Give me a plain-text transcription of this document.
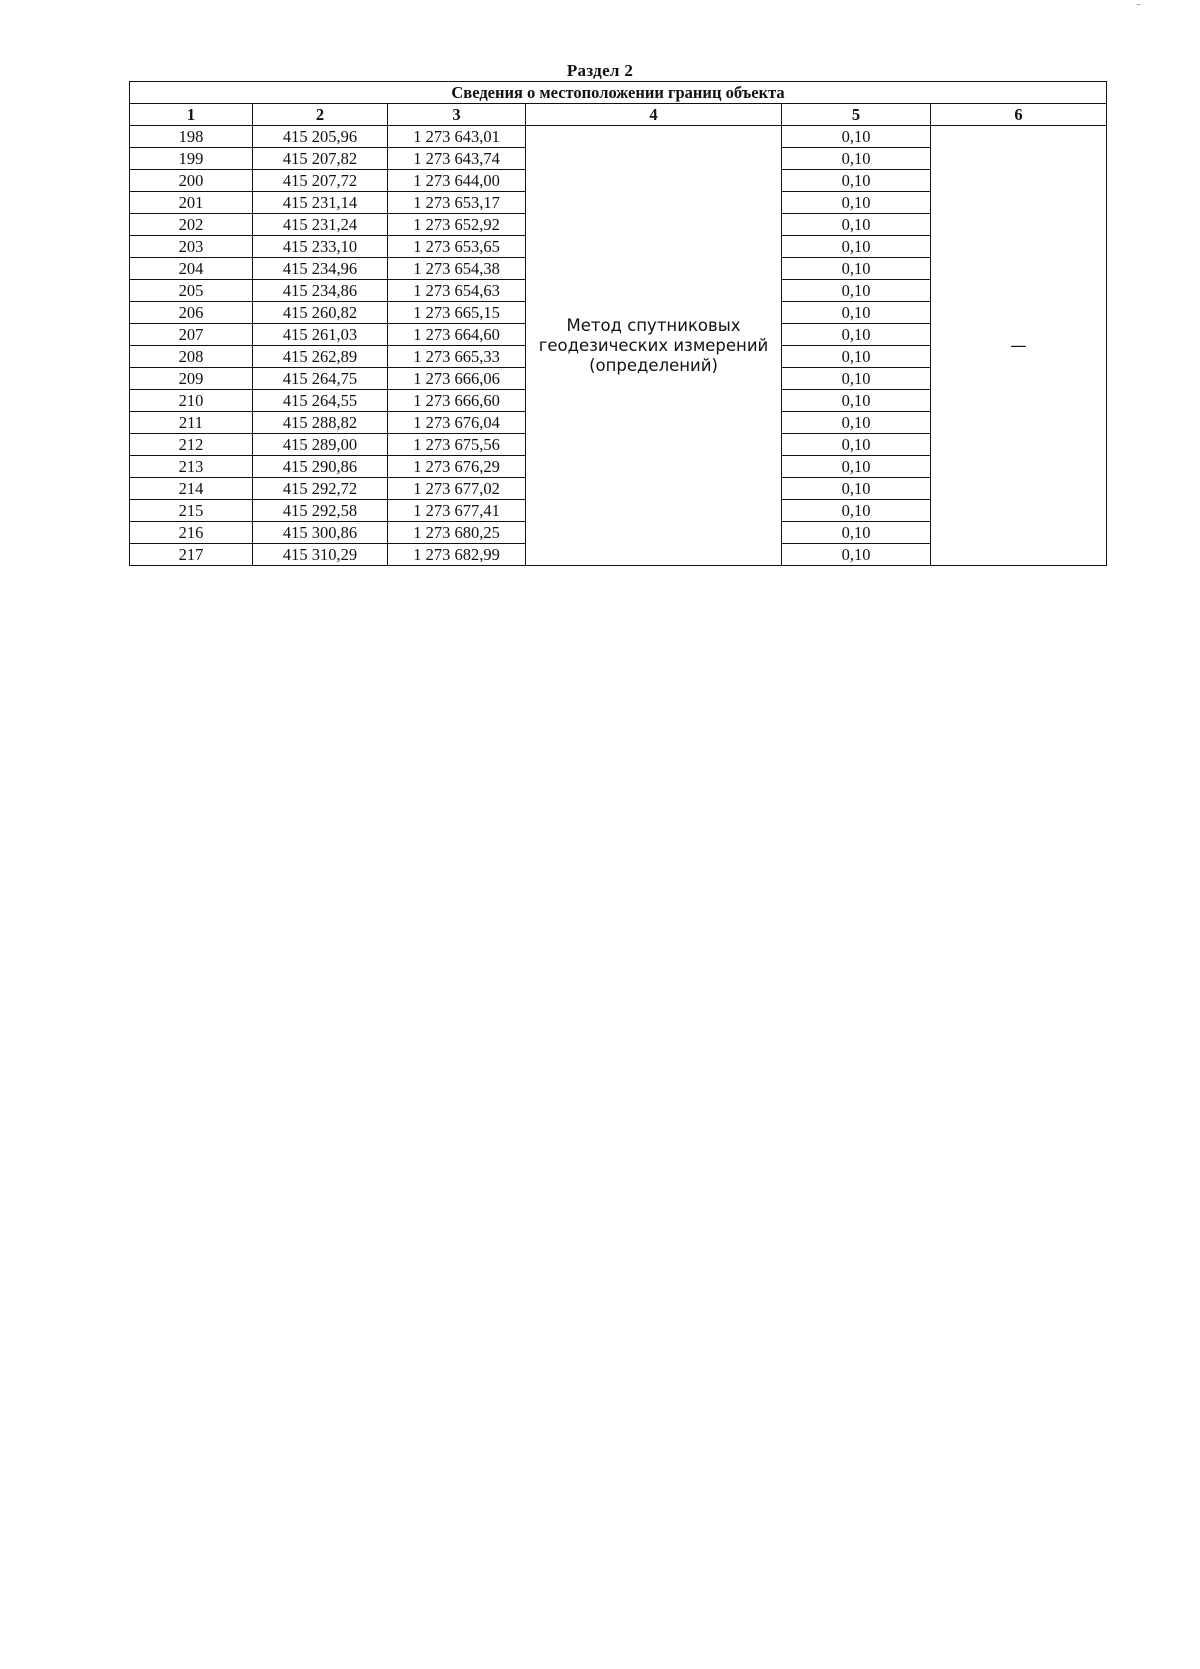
Раздел 2
Сведения о местоположении границ объекта					
1	2	3	4	5	6
198	415 205,96	1 273 643,01	Метод спутниковых геодезических измерений (определений)	0,10	—
199	415 207,82	1 273 643,74		0,10	
200	415 207,72	1 273 644,00		0,10	
201	415 231,14	1 273 653,17		0,10	
202	415 231,24	1 273 652,92		0,10	
203	415 233,10	1 273 653,65		0,10	
204	415 234,96	1 273 654,38		0,10	
205	415 234,86	1 273 654,63		0,10	
206	415 260,82	1 273 665,15		0,10	
207	415 261,03	1 273 664,60		0,10	
208	415 262,89	1 273 665,33		0,10	
209	415 264,75	1 273 666,06		0,10	
210	415 264,55	1 273 666,60		0,10	
211	415 288,82	1 273 676,04		0,10	
212	415 289,00	1 273 675,56		0,10	
213	415 290,86	1 273 676,29		0,10	
214	415 292,72	1 273 677,02		0,10	
215	415 292,58	1 273 677,41		0,10	
216	415 300,86	1 273 680,25		0,10	
217	415 310,29	1 273 682,99		0,10	
